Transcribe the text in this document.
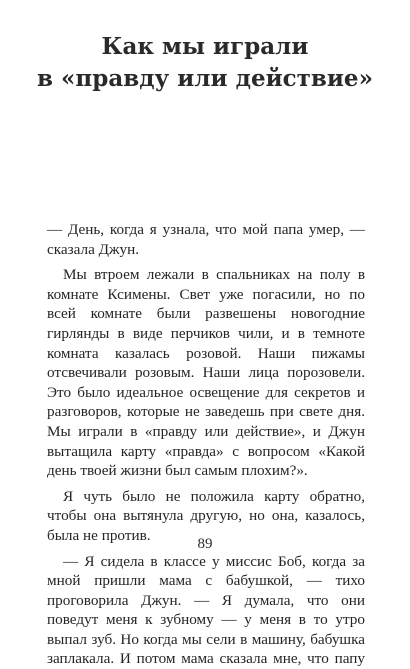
Как мы играли
в «правду или действие»

— День, когда я узнала, что мой папа умер, — сказала Джун.

Мы втроем лежали в спальниках на полу в комнате Ксимены. Свет уже погасили, но по всей комнате были развешены новогодние гирлянды в виде перчиков чили, и в темноте комната казалась розовой. Наши пижамы отсвечивали розовым. Наши лица порозовели. Это было идеальное освещение для секретов и разговоров, которые не заведешь при свете дня. Мы играли в «правду или действие», и Джун вытащила карту «правда» с вопросом «Какой день твоей жизни был самым плохим?».

Я чуть было не положила карту обратно, чтобы она вытянула другую, но она, казалось, была не против.

— Я сидела в классе у миссис Боб, когда за мной пришли мама с бабушкой, — тихо проговорила Джун. — Я думала, что они поведут меня к зубному — у меня в то утро выпал зуб. Но когда мы сели в машину, бабушка заплакала. И потом мама сказала мне, что папу

89
